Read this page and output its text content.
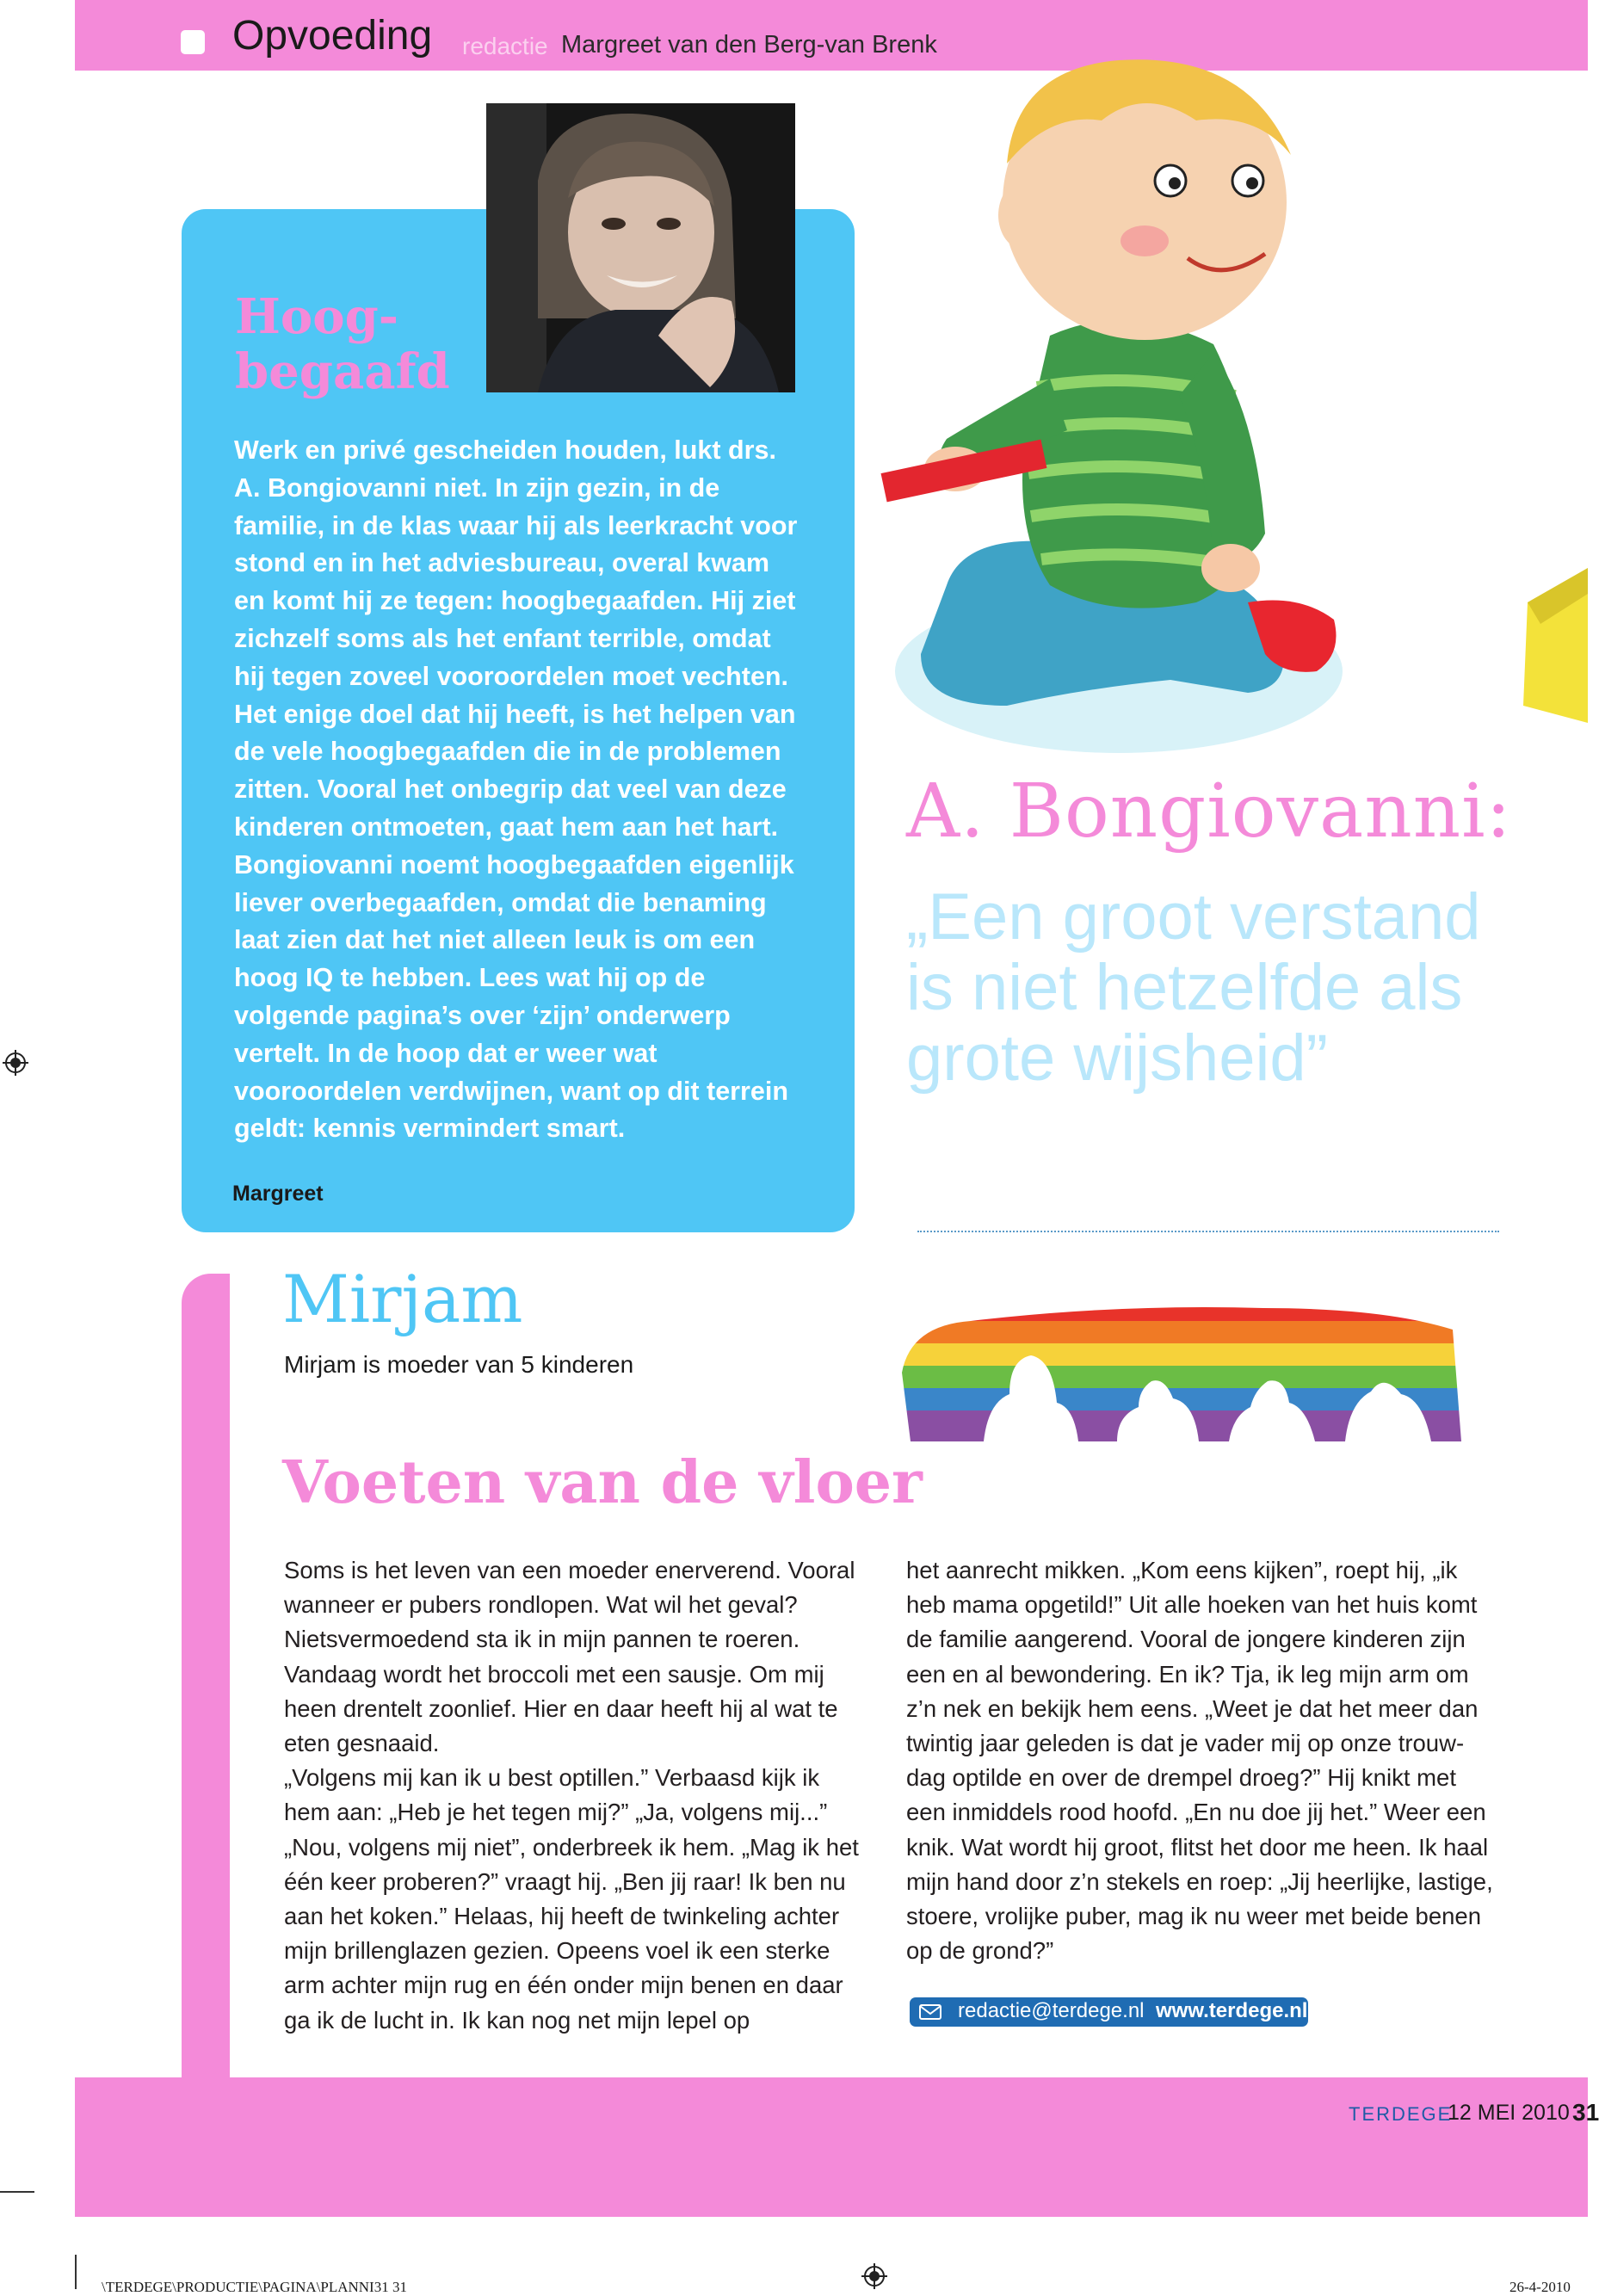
Opvoeding redactie Margreet van den Berg-van Brenk
Hoog- begaafd
Werk en privé gescheiden houden, lukt drs. A. Bongiovanni niet. In zijn gezin, in de familie, in de klas waar hij als leerkracht voor stond en in het adviesbureau, overal kwam en komt hij ze tegen: hoogbegaafden. Hij ziet zichzelf soms als het enfant terrible, omdat hij tegen zoveel vooroordelen moet vechten. Het enige doel dat hij heeft, is het helpen van de vele hoogbegaafden die in de problemen zitten. Vooral het onbegrip dat veel van deze kinderen ontmoeten, gaat hem aan het hart. Bongiovanni noemt hoogbegaafden eigenlijk liever overbegaafden, omdat die benaming laat zien dat het niet alleen leuk is om een hoog IQ te hebben. Lees wat hij op de volgende pagina’s over ‘zijn’ onderwerp vertelt. In de hoop dat er weer wat vooroordelen verdwijnen, want op dit terrein geldt: kennis vermindert smart.
Margreet
A. Bongiovanni:
„Een groot verstand is niet hetzelfde als grote wijsheid”
Mirjam
Mirjam is moeder van 5 kinderen
Voeten van de vloer
Soms is het leven van een moeder enerverend. Vooral wanneer er pubers rondlopen. Wat wil het geval? Nietsvermoedend sta ik in mijn pannen te roeren. Vandaag wordt het broccoli met een sausje. Om mij heen drentelt zoonlief. Hier en daar heeft hij al wat te eten gesnaaid.
„Volgens mij kan ik u best optillen.” Verbaasd kijk ik hem aan: „Heb je het tegen mij?” „Ja, volgens mij...” „Nou, volgens mij niet”, onderbreek ik hem. „Mag ik het één keer proberen?” vraagt hij. „Ben jij raar! Ik ben nu aan het koken.” Helaas, hij heeft de twinkeling achter mijn brillenglazen gezien. Opeens voel ik een sterke arm achter mijn rug en één onder mijn benen en daar ga ik de lucht in. Ik kan nog net mijn lepel op
het aanrecht mikken. „Kom eens kijken”, roept hij, „ik heb mama opgetild!” Uit alle hoeken van het huis komt de familie aangerend. Vooral de jongere kinderen zijn een en al bewondering. En ik? Tja, ik leg mijn arm om z’n nek en bekijk hem eens. „Weet je dat het meer dan twintig jaar geleden is dat je vader mij op onze trouw-dag optilde en over de drempel droeg?” Hij knikt met een inmiddels rood hoofd. „En nu doe jij het.” Weer een knik. Wat wordt hij groot, flitst het door me heen. Ik haal mijn hand door z’n stekels en roep: „Jij heerlijke, lastige, stoere, vrolijke puber, mag ik nu weer met beide benen op de grond?”
redactie@terdege.nl www.terdege.nl
TERDEGE
12 MEI 2010 31
\TERDEGE\PRODUCTIE\PAGINA\PLANNI31 31	26-4-2010
